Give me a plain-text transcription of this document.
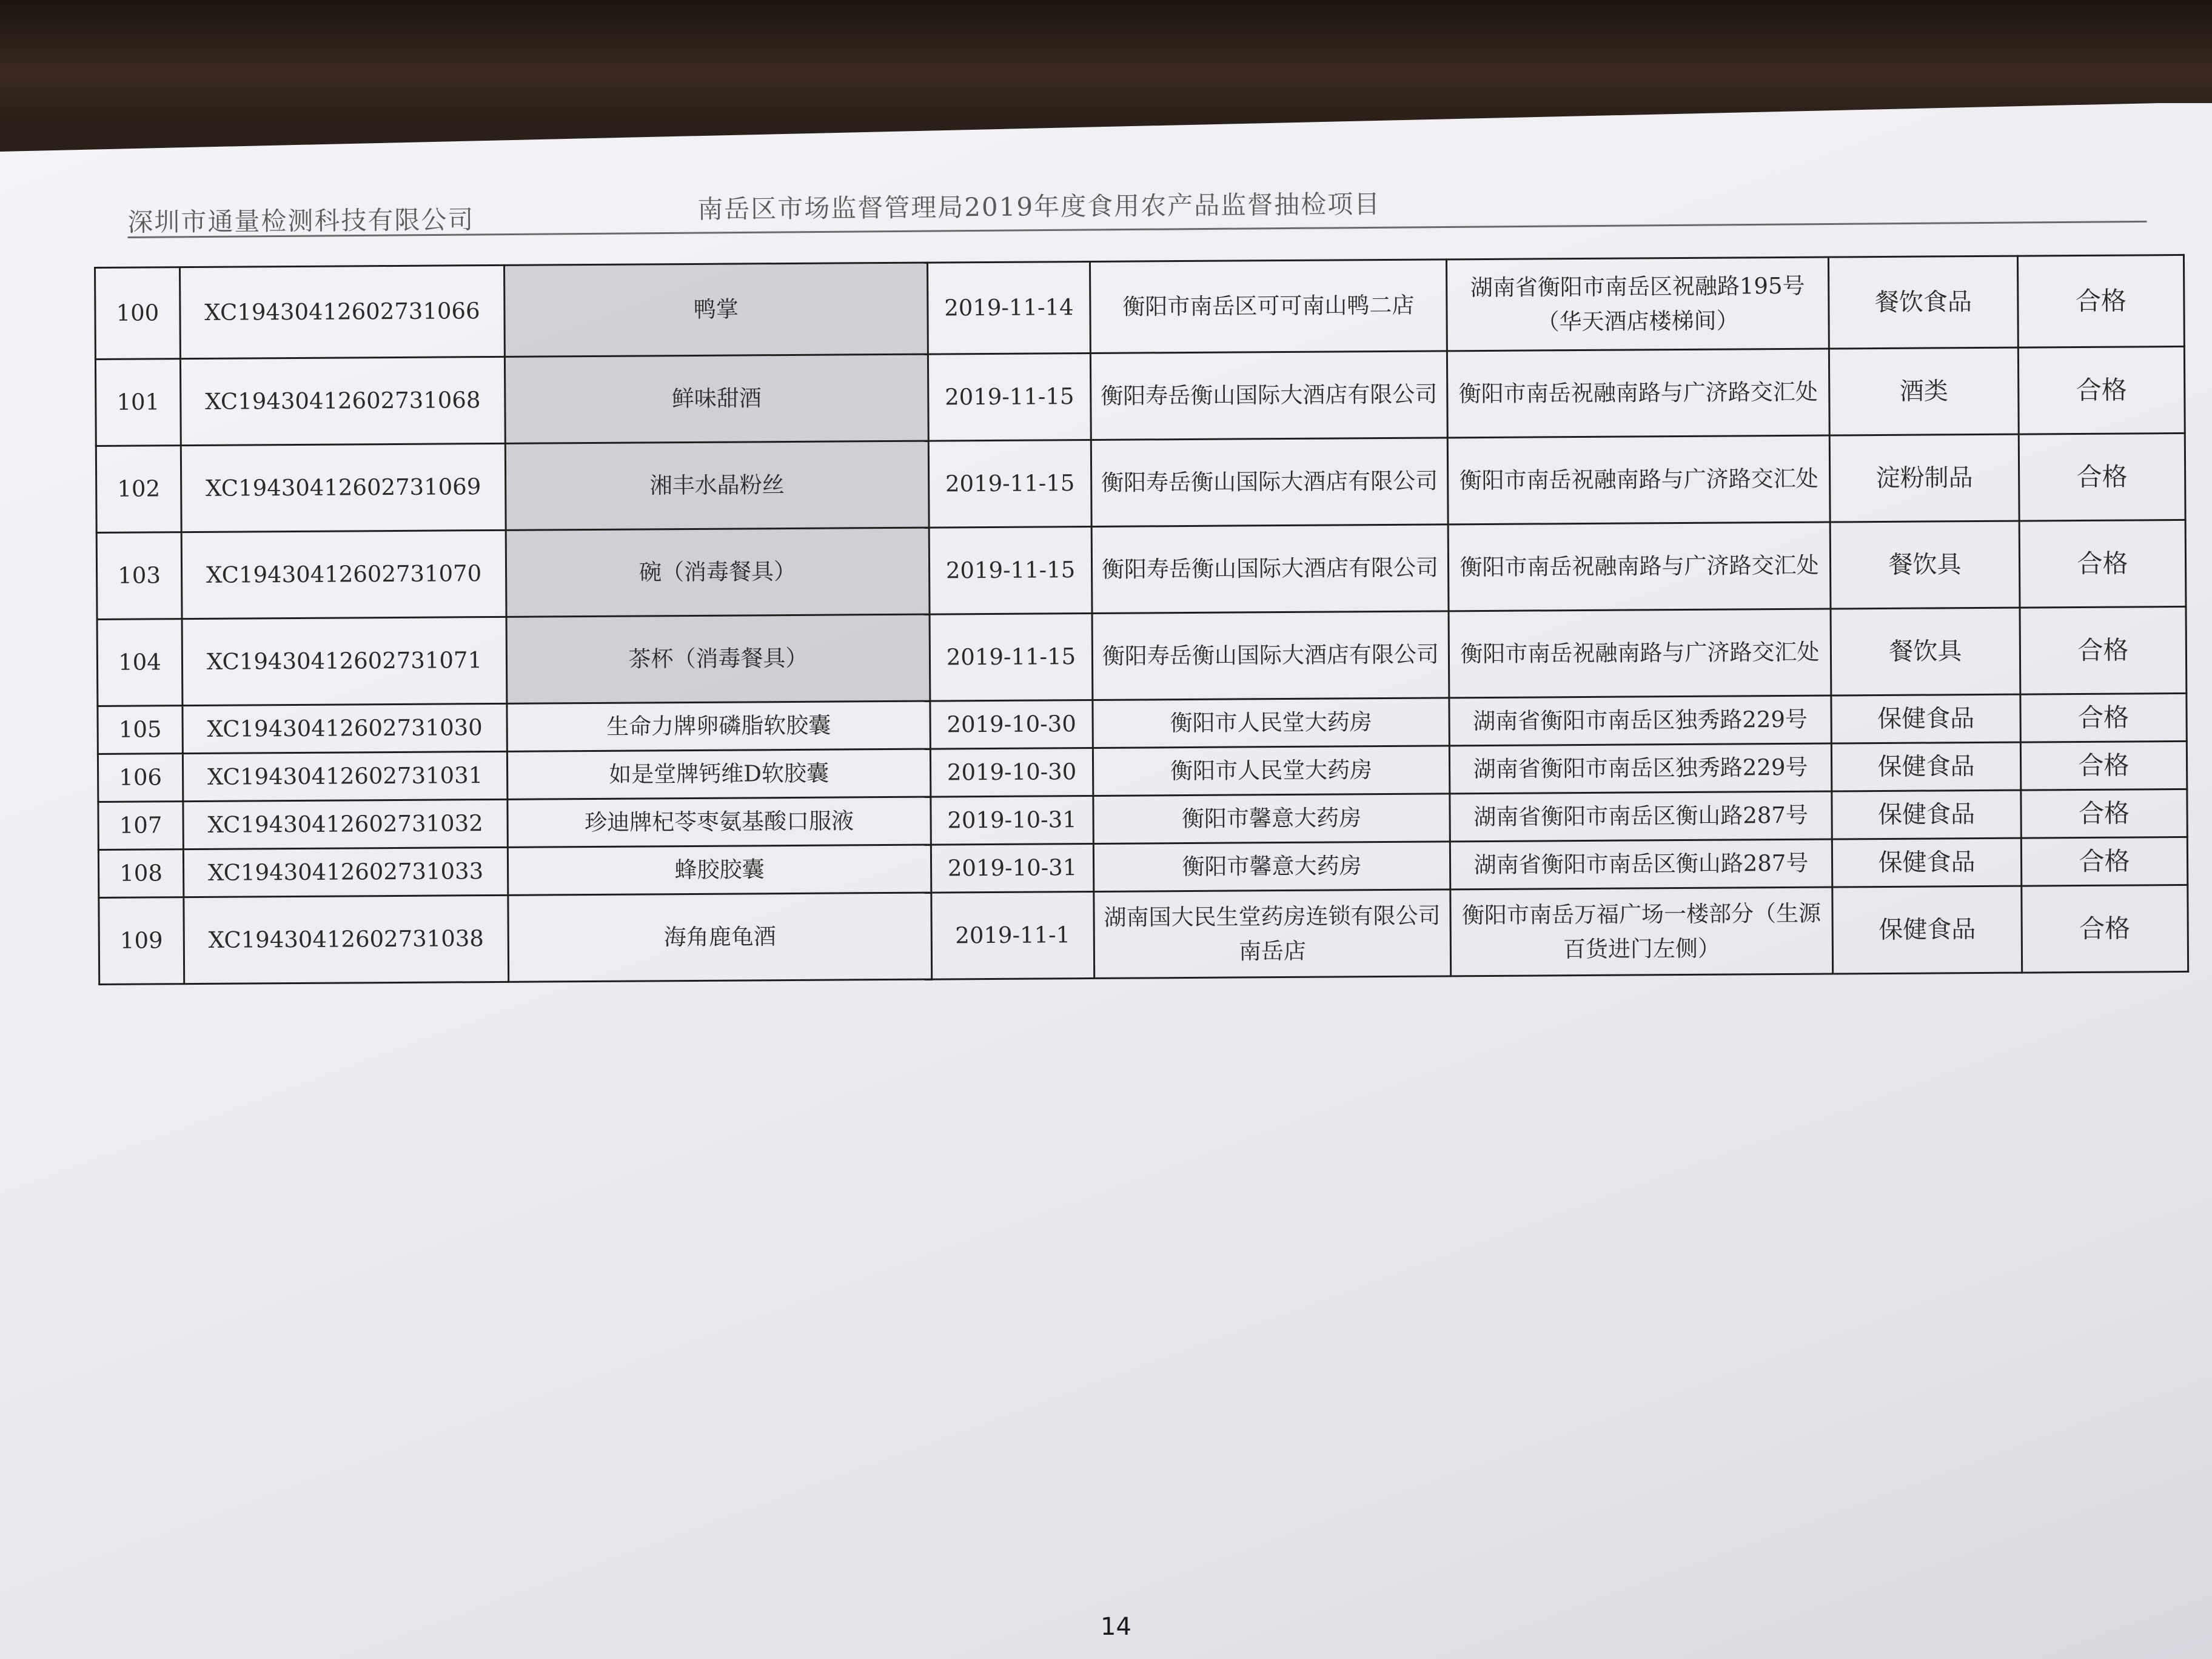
深圳市通量检测科技有限公司	南岳区市场监督管理局2019年度食用农产品监督抽检项目
100	XC19430412602731066	鸭掌	2019-11-14	衡阳市南岳区可可南山鸭二店	湖南省衡阳市南岳区祝融路195号（华天酒店楼梯间）	餐饮食品	合格
101	XC19430412602731068	鲜味甜酒	2019-11-15	衡阳寿岳衡山国际大酒店有限公司	衡阳市南岳祝融南路与广济路交汇处	酒类	合格
102	XC19430412602731069	湘丰水晶粉丝	2019-11-15	衡阳寿岳衡山国际大酒店有限公司	衡阳市南岳祝融南路与广济路交汇处	淀粉制品	合格
103	XC19430412602731070	碗（消毒餐具）	2019-11-15	衡阳寿岳衡山国际大酒店有限公司	衡阳市南岳祝融南路与广济路交汇处	餐饮具	合格
104	XC19430412602731071	茶杯（消毒餐具）	2019-11-15	衡阳寿岳衡山国际大酒店有限公司	衡阳市南岳祝融南路与广济路交汇处	餐饮具	合格
105	XC19430412602731030	生命力牌卵磷脂软胶囊	2019-10-30	衡阳市人民堂大药房	湖南省衡阳市南岳区独秀路229号	保健食品	合格
106	XC19430412602731031	如是堂牌钙维D软胶囊	2019-10-30	衡阳市人民堂大药房	湖南省衡阳市南岳区独秀路229号	保健食品	合格
107	XC19430412602731032	珍迪牌杞苓枣氨基酸口服液	2019-10-31	衡阳市馨意大药房	湖南省衡阳市南岳区衡山路287号	保健食品	合格
108	XC19430412602731033	蜂胶胶囊	2019-10-31	衡阳市馨意大药房	湖南省衡阳市南岳区衡山路287号	保健食品	合格
109	XC19430412602731038	海角鹿龟酒	2019-11-1	湖南国大民生堂药房连锁有限公司南岳店	衡阳市南岳万福广场一楼部分（生源百货进门左侧）	保健食品	合格
14
